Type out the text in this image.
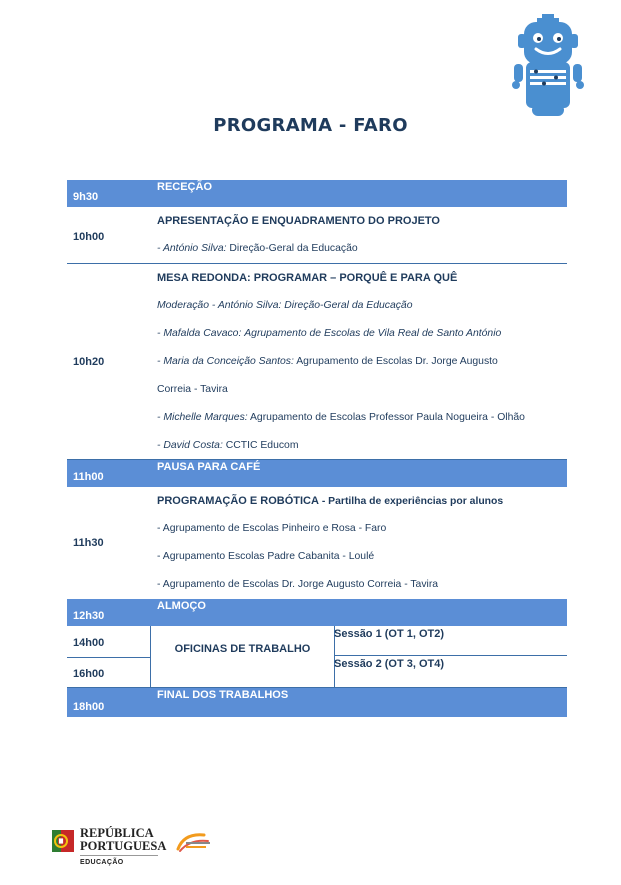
PROGRAMA - FARO
RECEÇÃO
9h30
10h00
APRESENTAÇÃO E ENQUADRAMENTO DO PROJETO
- António Silva: Direção-Geral da Educação
10h20
MESA REDONDA: PROGRAMAR – PORQUÊ E PARA QUÊ
Moderação - António Silva: Direção-Geral da Educação
- Mafalda Cavaco: Agrupamento de Escolas de Vila Real de Santo António
- Maria da Conceição Santos: Agrupamento de Escolas Dr. Jorge Augusto
Correia - Tavira
- Michelle Marques: Agrupamento de Escolas Professor Paula Nogueira - Olhão
- David Costa: CCTIC Educom
PAUSA PARA CAFÉ
11h00
11h30
PROGRAMAÇÃO E ROBÓTICA - Partilha de experiências por alunos
- Agrupamento de Escolas Pinheiro e Rosa - Faro
- Agrupamento Escolas Padre Cabanita - Loulé
- Agrupamento de Escolas Dr. Jorge Augusto Correia - Tavira
ALMOÇO
12h30
14h00
16h00
OFICINAS DE TRABALHO
Sessão 1 (OT 1, OT2)
Sessão 2 (OT 3, OT4)
FINAL DOS TRABALHOS
18h00
REPÚBLICA
PORTUGUESA
EDUCAÇÃO
